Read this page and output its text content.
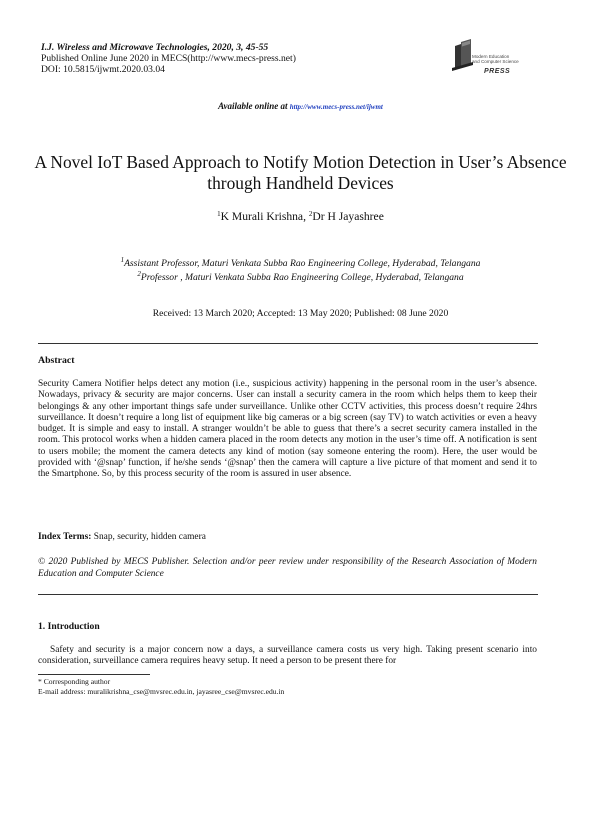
I.J. Wireless and Microwave Technologies, 2020, 3, 45-55
Published Online June 2020 in MECS(http://www.mecs-press.net)
DOI: 10.5815/ijwmt.2020.03.04
Modern Education
and Computer Science
PRESS
Available online at http://www.mecs-press.net/ijwmt
A Novel IoT Based Approach to Notify Motion Detection in User’s Absence through Handheld Devices
$^1$K Murali Krishna, $^2$Dr H Jayashree
$^1$Assistant Professor, Maturi Venkata Subba Rao Engineering College, Hyderabad, Telangana
$^2$Professor , Maturi Venkata Subba Rao Engineering College, Hyderabad, Telangana
Received: 13 March 2020; Accepted: 13 May 2020; Published: 08 June 2020
Abstract
Security Camera Notifier helps detect any motion (i.e., suspicious activity) happening in the personal room in the user’s absence. Nowadays, privacy & security are major concerns. User can install a security camera in the room which helps them to keep their belongings & any other important things safe under surveillance. Unlike other CCTV activities, this process doesn’t require 24hrs surveillance. It doesn’t require a long list of equipment like big cameras or a big screen (say TV) to watch activities or even a heavy budget. It is simple and easy to install. A stranger wouldn’t be able to guess that there’s a secret security camera installed in the room. This protocol works when a hidden camera placed in the room detects any motion in the user’s time off. A notification is sent to users mobile; the moment the camera detects any kind of motion (say someone entering the room). Here, the user would be provided with ‘@snap’ function, if he/she sends ‘@snap’ then the camera will capture a live picture of that moment and send it to the Smartphone. So, by this process security of the room is assured in user absence.
Index Terms: Snap, security, hidden camera
© 2020 Published by MECS Publisher. Selection and/or peer review under responsibility of the Research Association of Modern Education and Computer Science
1. Introduction
Safety and security is a major concern now a days, a surveillance camera costs us very high. Taking present scenario into consideration, surveillance camera requires heavy setup. It need a person to be present there for
* Corresponding author
E-mail address: muralikrishna_cse@mvsrec.edu.in, jayasree_cse@mvsrec.edu.in
